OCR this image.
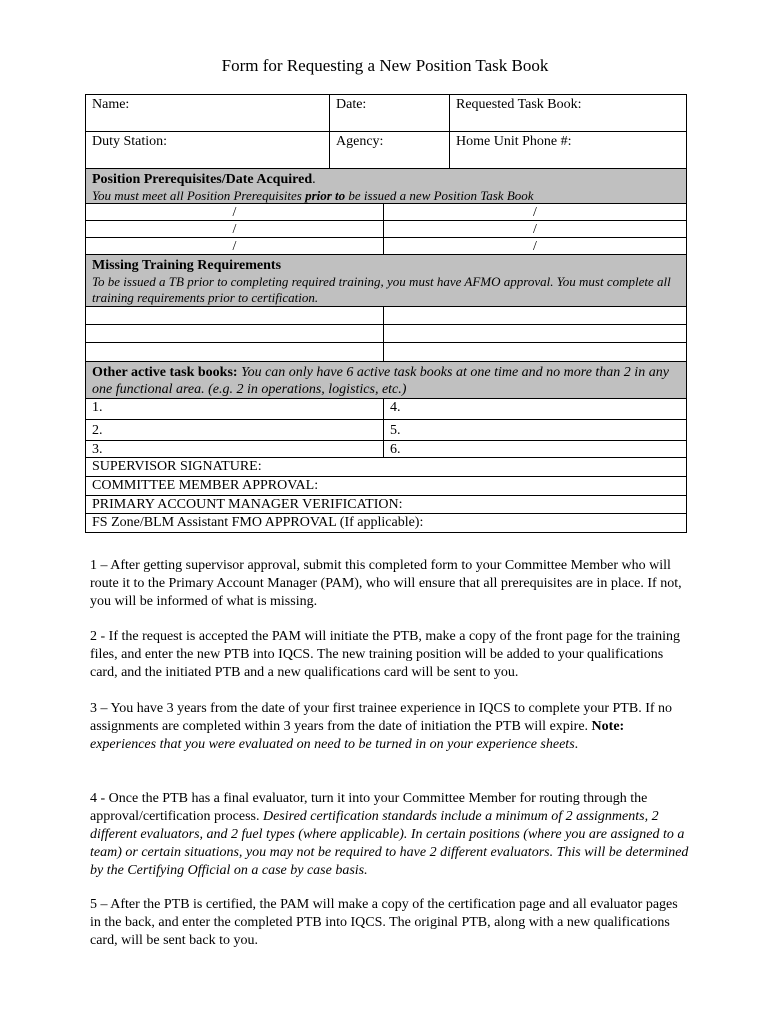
Form for Requesting a New Position Task Book
Name:	Date:	Requested Task Book:
Duty Station:	Agency:	Home Unit Phone #:
Position Prerequisites/Date Acquired.
You must meet all Position Prerequisites prior to be issued a new Position Task Book
/	/
/	/
/	/
Missing Training Requirements
To be issued a TB prior to completing required training, you must have AFMO approval. You must complete all training requirements prior to certification.
Other active task books: You can only have 6 active task books at one time and no more than 2 in any one functional area. (e.g. 2 in operations, logistics, etc.)
1.	4.
2.	5.
3.	6.
SUPERVISOR SIGNATURE:
COMMITTEE MEMBER APPROVAL:
PRIMARY ACCOUNT MANAGER VERIFICATION:
FS Zone/BLM Assistant FMO APPROVAL (If applicable):

1 – After getting supervisor approval, submit this completed form to your Committee Member who will route it to the Primary Account Manager (PAM), who will ensure that all prerequisites are in place. If not, you will be informed of what is missing.

2 - If the request is accepted the PAM will initiate the PTB, make a copy of the front page for the training files, and enter the new PTB into IQCS. The new training position will be added to your qualifications card, and the initiated PTB and a new qualifications card will be sent to you.

3 – You have 3 years from the date of your first trainee experience in IQCS to complete your PTB. If no assignments are completed within 3 years from the date of initiation the PTB will expire. Note: experiences that you were evaluated on need to be turned in on your experience sheets.

4 - Once the PTB has a final evaluator, turn it into your Committee Member for routing through the approval/certification process. Desired certification standards include a minimum of 2 assignments, 2 different evaluators, and 2 fuel types (where applicable). In certain positions (where you are assigned to a team) or certain situations, you may not be required to have 2 different evaluators. This will be determined by the Certifying Official on a case by case basis.

5 – After the PTB is certified, the PAM will make a copy of the certification page and all evaluator pages in the back, and enter the completed PTB into IQCS. The original PTB, along with a new qualifications card, will be sent back to you.
